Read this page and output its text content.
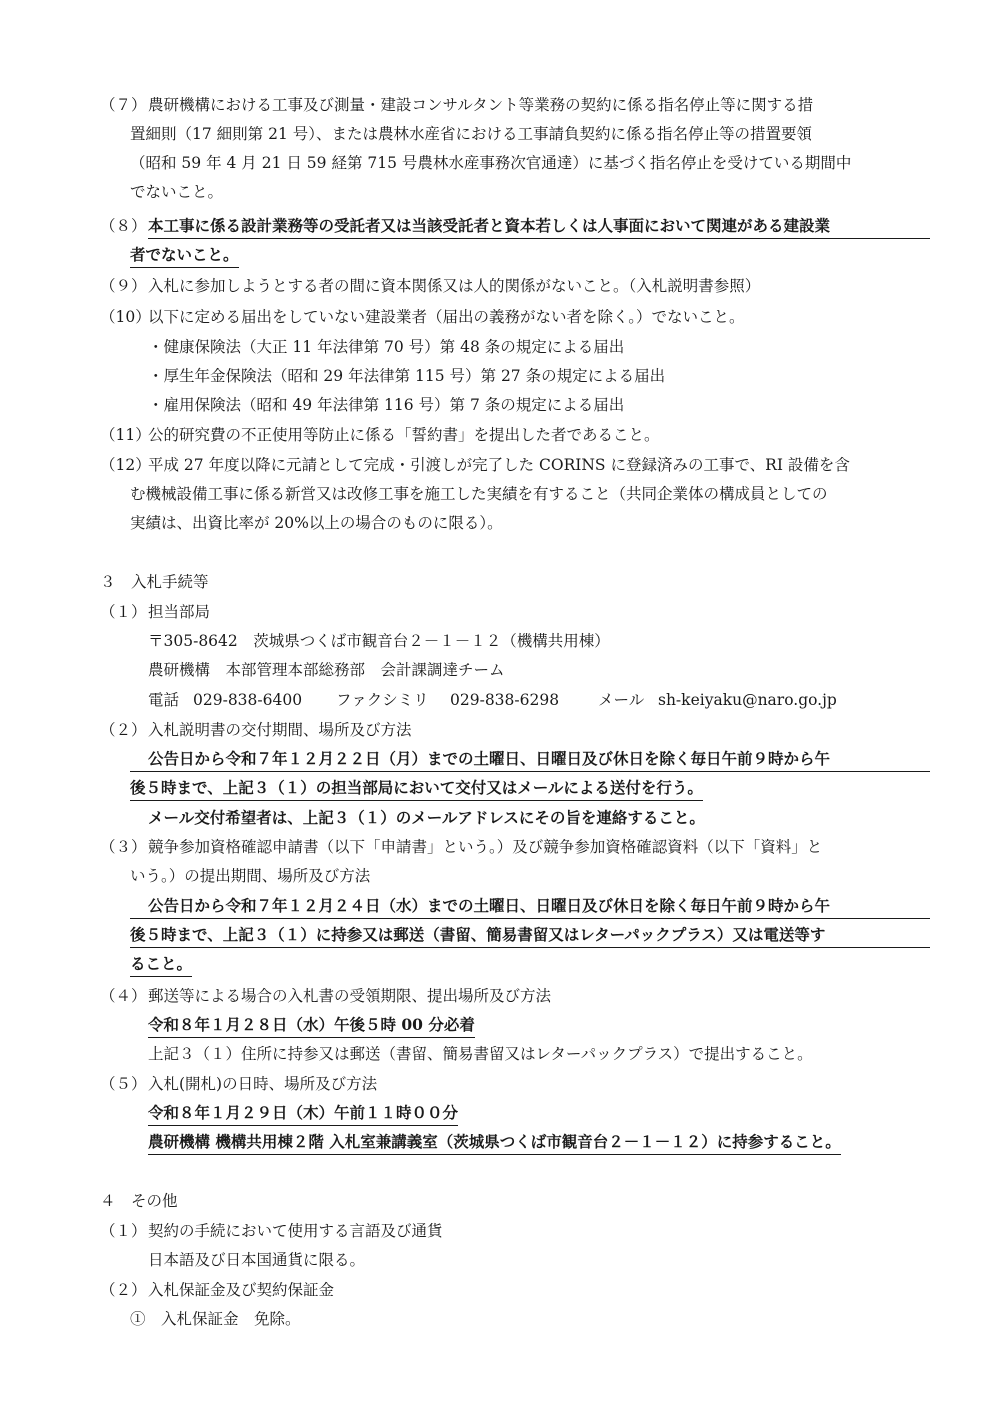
（７） 農研機構における工事及び測量・建設コンサルタント等業務の契約に係る指名停止等に関する措
置細則（17 細則第 21 号）、または農林水産省における工事請負契約に係る指名停止等の措置要領
（昭和 59 年 4 月 21 日 59 経第 715 号農林水産事務次官通達）に基づく指名停止を受けている期間中
でないこと。
（８） 本工事に係る設計業務等の受託者又は当該受託者と資本若しくは人事面において関連がある建設業
者でないこと。
（９） 入札に参加しようとする者の間に資本関係又は人的関係がないこと。（入札説明書参照）
（10）
以下に定める届出をしていない建設業者（届出の義務がない者を除く。）でないこと。
・健康保険法（大正 11 年法律第 70 号）第 48 条の規定による届出
・厚生年金保険法（昭和 29 年法律第 115 号）第 27 条の規定による届出
・雇用保険法（昭和 49 年法律第 116 号）第 7 条の規定による届出
（11）
公的研究費の不正使用等防止に係る「誓約書」を提出した者であること。
（12）
平成 27 年度以降に元請として完成・引渡しが完了した CORINS に登録済みの工事で、RI 設備を含
む機械設備工事に係る新営又は改修工事を施工した実績を有すること（共同企業体の構成員としての
実績は、出資比率が 20%以上の場合のものに限る）。
３　入札手続等
（１） 担当部局
〒305-8642　茨城県つくば市観音台２－１－１２（機構共用棟）
農研機構　本部管理本部総務部　会計課調達チーム
電話 029-838-6400 ファクシミリ 029-838-6298	メール sh-keiyaku@naro.go.jp
（２） 入札説明書の交付期間、場所及び方法
公告日から令和７年１２月２２日（月）までの土曜日、日曜日及び休日を除く毎日午前９時から午
後５時まで、上記３（１）の担当部局において交付又はメールによる送付を行う。
メール交付希望者は、上記３（１）のメールアドレスにその旨を連絡すること。
（３） 競争参加資格確認申請書（以下「申請書」という。）及び競争参加資格確認資料（以下「資料」と
いう。）の提出期間、場所及び方法
公告日から令和７年１２月２４日（水）までの土曜日、日曜日及び休日を除く毎日午前９時から午
後５時まで、上記３（１）に持参又は郵送（書留、簡易書留又はレターパックプラス）又は電送等す
ること。
（４） 郵送等による場合の入札書の受領期限、提出場所及び方法
令和８年１月２８日（水）午後５時 00 分必着
上記３（１）住所に持参又は郵送（書留、簡易書留又はレターパックプラス）で提出すること。
（５） 入札(開札)の日時、場所及び方法
令和８年１月２９日（木）午前１１時００分
農研機構 機構共用棟２階 入札室兼講義室（茨城県つくば市観音台２－１－１２）に持参すること。
４　その他
（１） 契約の手続において使用する言語及び通貨
日本語及び日本国通貨に限る。
（２） 入札保証金及び契約保証金
①　入札保証金　免除。
